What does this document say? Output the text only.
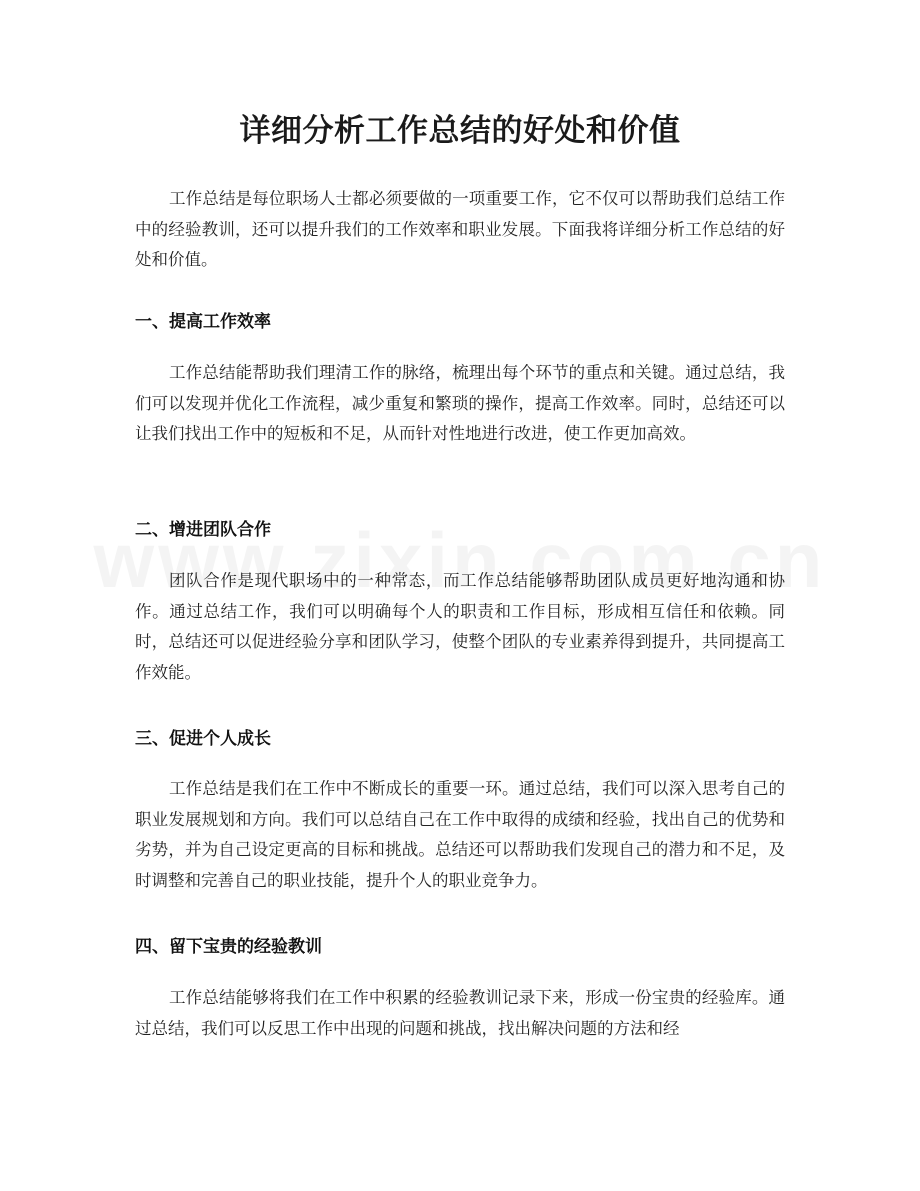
详细分析工作总结的好处和价值

工作总结是每位职场人士都必须要做的一项重要工作，它不仅可以帮助我们总结工作中的经验教训，还可以提升我们的工作效率和职业发展。下面我将详细分析工作总结的好处和价值。

一、提高工作效率

工作总结能帮助我们理清工作的脉络，梳理出每个环节的重点和关键。通过总结，我们可以发现并优化工作流程，减少重复和繁琐的操作，提高工作效率。同时，总结还可以让我们找出工作中的短板和不足，从而针对性地进行改进，使工作更加高效。

二、增进团队合作

团队合作是现代职场中的一种常态，而工作总结能够帮助团队成员更好地沟通和协作。通过总结工作，我们可以明确每个人的职责和工作目标，形成相互信任和依赖。同时，总结还可以促进经验分享和团队学习，使整个团队的专业素养得到提升，共同提高工作效能。

三、促进个人成长

工作总结是我们在工作中不断成长的重要一环。通过总结，我们可以深入思考自己的职业发展规划和方向。我们可以总结自己在工作中取得的成绩和经验，找出自己的优势和劣势，并为自己设定更高的目标和挑战。总结还可以帮助我们发现自己的潜力和不足，及时调整和完善自己的职业技能，提升个人的职业竞争力。

四、留下宝贵的经验教训

工作总结能够将我们在工作中积累的经验教训记录下来，形成一份宝贵的经验库。通过总结，我们可以反思工作中出现的问题和挑战，找出解决问题的方法和经
